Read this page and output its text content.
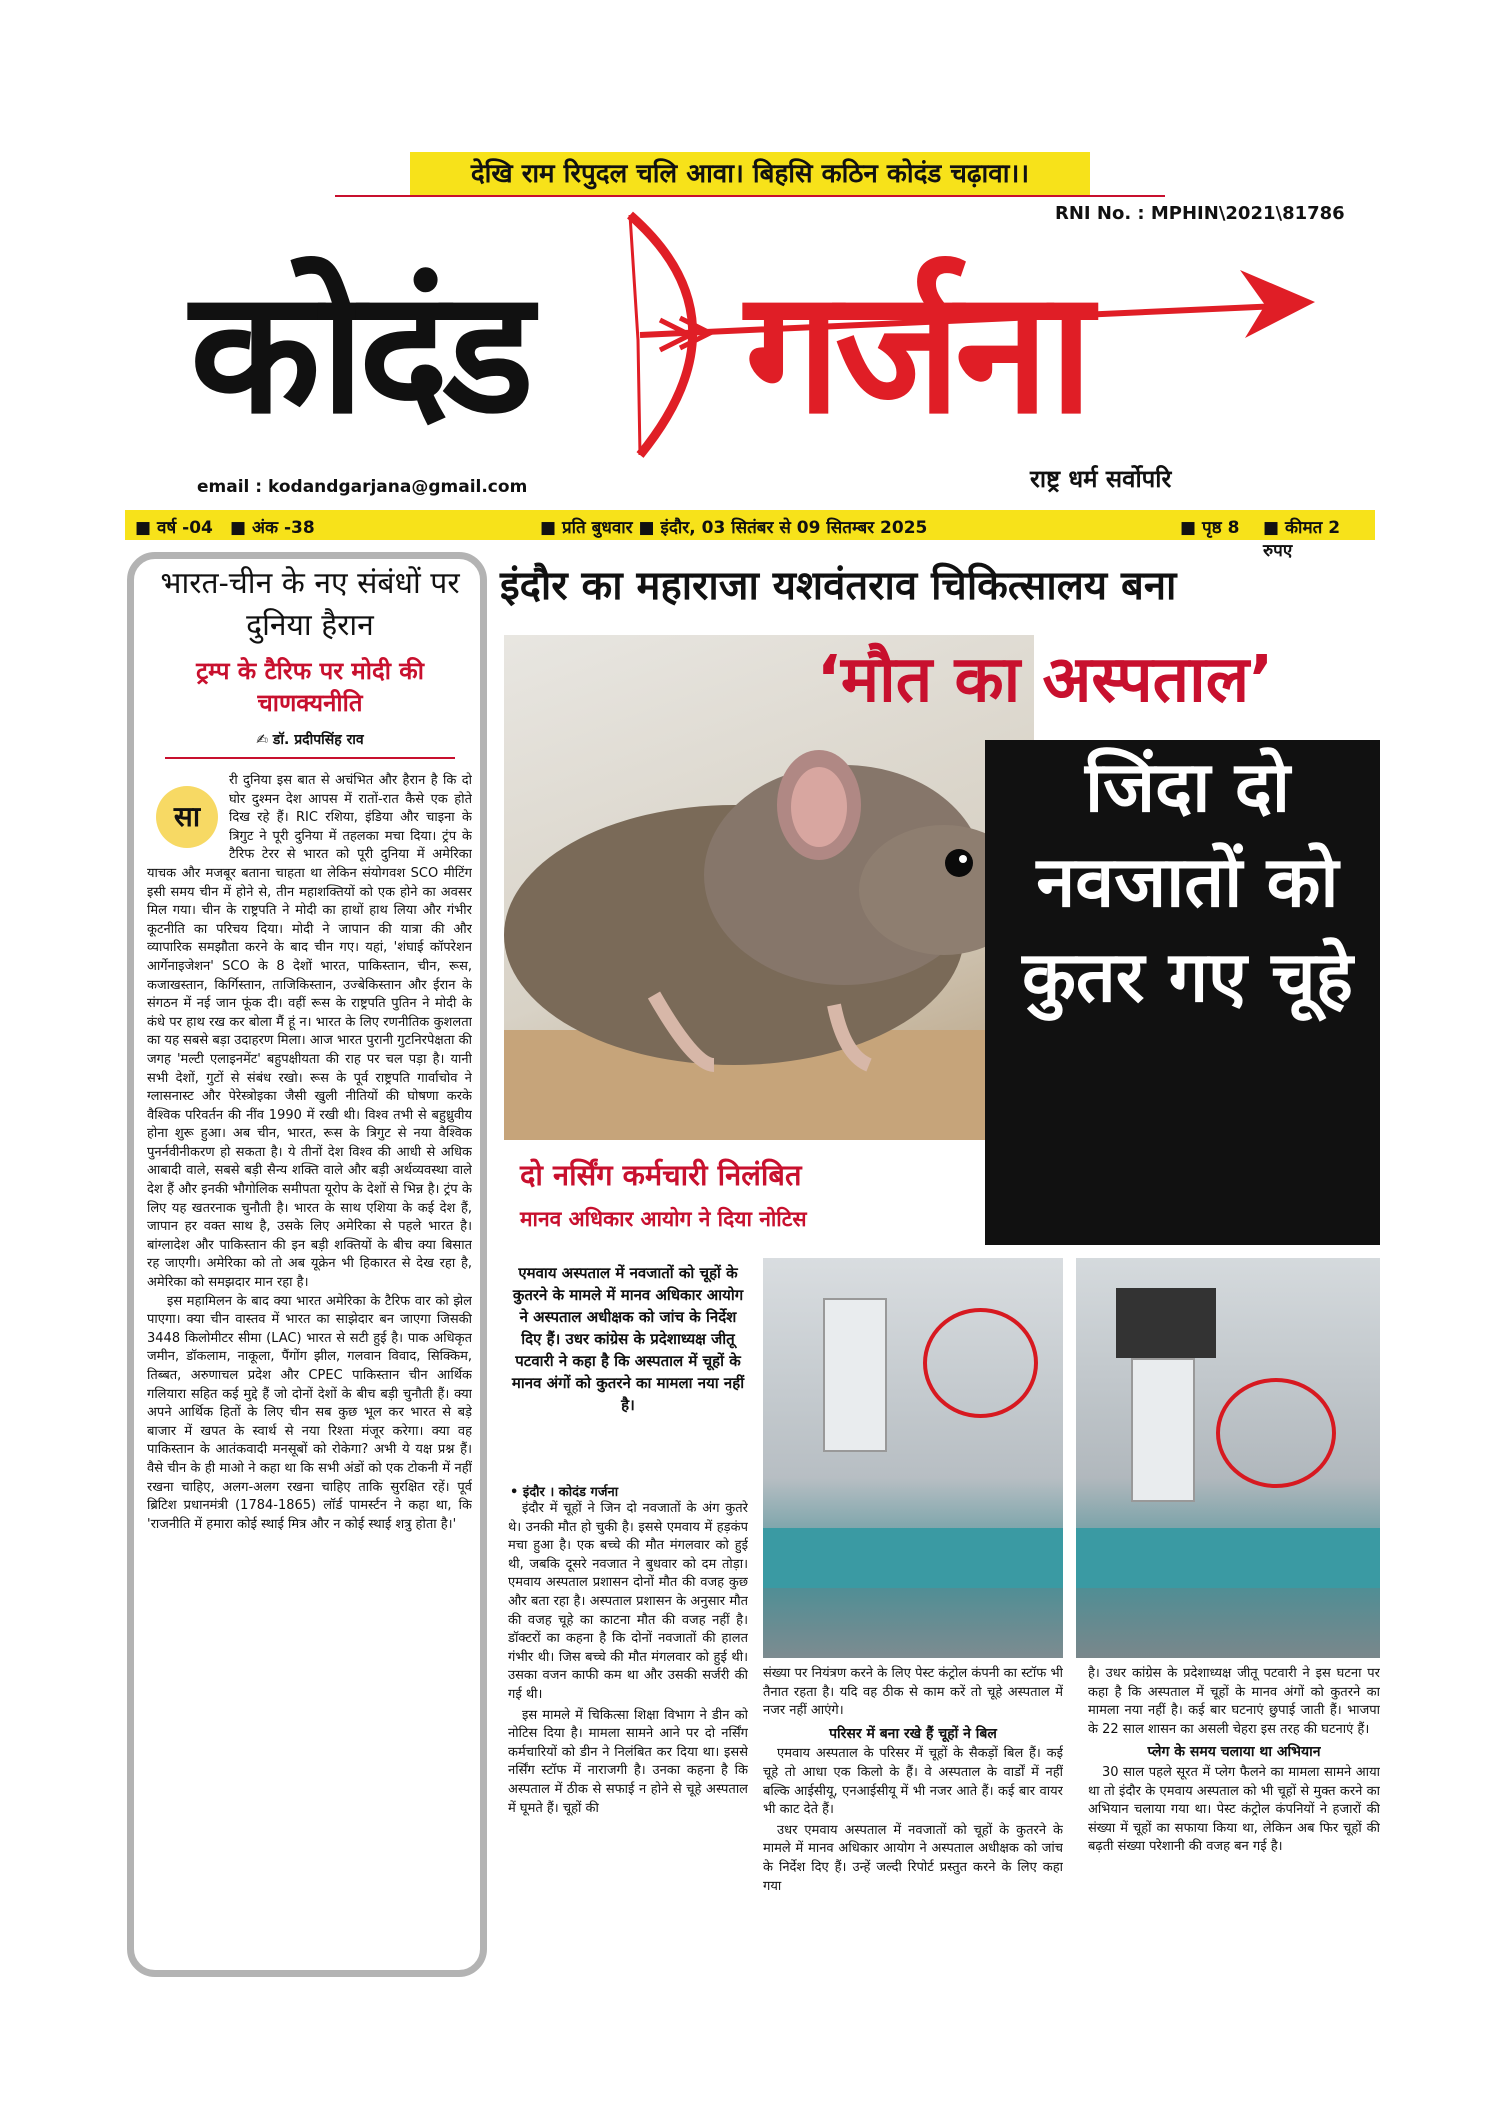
देखि राम रिपुदल चलि आवा। बिहसि कठिन कोदंड चढ़ावा।।
RNI No. : MPHIN\2021\81786
कोदंड गर्जना
email : kodandgarjana@gmail.com	राष्ट्र धर्म सर्वोपरि
■ वर्ष -04 ■ अंक -38	■ प्रति बुधवार ■ इंदौर, 03 सितंबर से 09 सितम्बर 2025	■ पृष्ठ 8 ■ कीमत 2 रुपए
भारत-चीन के नए संबंधों पर दुनिया हैरान
ट्रम्प के टैरिफ पर मोदी की चाणक्यनीति
✍ डॉ. प्रदीपसिंह राव

री दुनिया इस बात से अचंभित और हैरान है कि दो घोर दुश्मन देश आपस में रातों-रात कैसे एक होते दिख रहे हैं। RIC रशिया, इंडिया और चाइना के त्रिगुट ने पूरी दुनिया में तहलका मचा दिया। ट्रंप के टैरिफ टेरर से भारत को पूरी दुनिया में अमेरिका याचक और मजबूर बताना चाहता था लेकिन संयोगवश SCO मीटिंग इसी समय चीन में होने से, तीन महाशक्तियों को एक होने का अवसर मिल गया। चीन के राष्ट्रपति ने मोदी का हाथों हाथ लिया और गंभीर कूटनीति का परिचय दिया। मोदी ने जापान की यात्रा की और व्यापारिक समझौता करने के बाद चीन गए। यहां, 'शंघाई कॉपरेशन आर्गेनाइजेशन' SCO के 8 देशों भारत, पाकिस्तान, चीन, रूस, कजाखस्तान, किर्गिस्तान, ताजिकिस्तान, उज्बेकिस्तान और ईरान के संगठन में नई जान फूंक दी। वहीं रूस के राष्ट्रपति पुतिन ने मोदी के कंधे पर हाथ रख कर बोला मैं हूं न। भारत के लिए रणनीतिक कुशलता का यह सबसे बड़ा उदाहरण मिला। आज भारत पुरानी गुटनिरपेक्षता की जगह 'मल्टी एलाइनमेंट' बहुपक्षीयता की राह पर चल पड़ा है। यानी सभी देशों, गुटों से संबंध रखो। रूस के पूर्व राष्ट्रपति गार्वाचोव ने ग्लासनास्ट और पेरेस्त्रोइका जैसी खुली नीतियों की घोषणा करके वैश्विक परिवर्तन की नींव 1990 में रखी थी। विश्व तभी से बहुध्रुवीय होना शुरू हुआ। अब चीन, भारत, रूस के त्रिगुट से नया वैश्विक पुनर्नवीनीकरण हो सकता है। ये तीनों देश विश्व की आधी से अधिक आबादी वाले, सबसे बड़ी सैन्य शक्ति वाले और बड़ी अर्थव्यवस्था वाले देश हैं और इनकी भौगोलिक समीपता यूरोप के देशों से भिन्न है। ट्रंप के लिए यह खतरनाक चुनौती है। भारत के साथ एशिया के कई देश हैं, जापान हर वक्त साथ है, उसके लिए अमेरिका से पहले भारत है। बांग्लादेश और पाकिस्तान की इन बड़ी शक्तियों के बीच क्या बिसात रह जाएगी। अमेरिका को तो अब यूक्रेन भी हिकारत से देख रहा है, अमेरिका को समझदार मान रहा है।

इस महामिलन के बाद क्या भारत अमेरिका के टैरिफ वार को झेल पाएगा। क्या चीन वास्तव में भारत का साझेदार बन जाएगा जिसकी 3448 किलोमीटर सीमा (LAC) भारत से सटी हुई है। पाक अधिकृत जमीन, डॉकलाम, नाकूला, पैंगोंग झील, गलवान विवाद, सिक्किम, तिब्बत, अरुणाचल प्रदेश और CPEC पाकिस्तान चीन आर्थिक गलियारा सहित कई मुद्दे हैं जो दोनों देशों के बीच बड़ी चुनौती हैं। क्या अपने आर्थिक हितों के लिए चीन सब कुछ भूल कर भारत से बड़े बाजार में खपत के स्वार्थ से नया रिश्ता मंजूर करेगा। क्या वह पाकिस्तान के आतंकवादी मनसूबों को रोकेगा? अभी ये यक्ष प्रश्न हैं। वैसे चीन के ही माओ ने कहा था कि सभी अंडों को एक टोकनी में नहीं रखना चाहिए, अलग-अलग रखना चाहिए ताकि सुरक्षित रहें। पूर्व ब्रिटिश प्रधानमंत्री (1784-1865) लॉर्ड पामर्स्टन ने कहा था, कि 'राजनीति में हमारा कोई स्थाई मित्र और न कोई स्थाई शत्रु होता है।'

सा
इंदौर का महाराजा यशवंतराव चिकित्सालय बना
‘मौत का अस्पताल’
जिंदा दो नवजातों को कुतर गए चूहे
दो नर्सिंग कर्मचारी निलंबित
मानव अधिकार आयोग ने दिया नोटिस
एमवाय अस्पताल में नवजातों को चूहों के कुतरने के मामले में मानव अधिकार आयोग ने अस्पताल अधीक्षक को जांच के निर्देश दिए हैं। उधर कांग्रेस के प्रदेशाध्यक्ष जीतू पटवारी ने कहा है कि अस्पताल में चूहों के मानव अंगों को कुतरने का मामला नया नहीं है।
• इंदौर । कोदंड गर्जना

इंदौर में चूहों ने जिन दो नवजातों के अंग कुतरे थे। उनकी मौत हो चुकी है। इससे एमवाय में हड़कंप मचा हुआ है। एक बच्चे की मौत मंगलवार को हुई थी, जबकि दूसरे नवजात ने बुधवार को दम तोड़ा। एमवाय अस्पताल प्रशासन दोनों मौत की वजह कुछ और बता रहा है। अस्पताल प्रशासन के अनुसार मौत की वजह चूहे का काटना मौत की वजह नहीं है। डॉक्टरों का कहना है कि दोनों नवजातों की हालत गंभीर थी। जिस बच्चे की मौत मंगलवार को हुई थी। उसका वजन काफी कम था और उसकी सर्जरी की गई थी।

इस मामले में चिकित्सा शिक्षा विभाग ने डीन को नोटिस दिया है। मामला सामने आने पर दो नर्सिंग कर्मचारियों को डीन ने निलंबित कर दिया था। इससे नर्सिंग स्टॉफ में नाराजगी है। उनका कहना है कि अस्पताल में ठीक से सफाई न होने से चूहे अस्पताल में घूमते हैं। चूहों की

संख्या पर नियंत्रण करने के लिए पेस्ट कंट्रोल कंपनी का स्टॉफ भी तैनात रहता है। यदि वह ठीक से काम करें तो चूहे अस्पताल में नजर नहीं आएंगे।

परिसर में बना रखे हैं चूहों ने बिल

एमवाय अस्पताल के परिसर में चूहों के सैकड़ों बिल हैं। कई चूहे तो आधा एक किलो के हैं। वे अस्पताल के वार्डों में नहीं बल्कि आईसीयू, एनआईसीयू में भी नजर आते हैं। कई बार वायर भी काट देते हैं।

उधर एमवाय अस्पताल में नवजातों को चूहों के कुतरने के मामले में मानव अधिकार आयोग ने अस्पताल अधीक्षक को जांच के निर्देश दिए हैं। उन्हें जल्दी रिपोर्ट प्रस्तुत करने के लिए कहा गया

है। उधर कांग्रेस के प्रदेशाध्यक्ष जीतू पटवारी ने इस घटना पर कहा है कि अस्पताल में चूहों के मानव अंगों को कुतरने का मामला नया नहीं है। कई बार घटनाएं छुपाई जाती हैं। भाजपा के 22 साल शासन का असली चेहरा इस तरह की घटनाएं हैं।

प्लेग के समय चलाया था अभियान

30 साल पहले सूरत में प्लेग फैलने का मामला सामने आया था तो इंदौर के एमवाय अस्पताल को भी चूहों से मुक्त करने का अभियान चलाया गया था। पेस्ट कंट्रोल कंपनियों ने हजारों की संख्या में चूहों का सफाया किया था, लेकिन अब फिर चूहों की बढ़ती संख्या परेशानी की वजह बन गई है।
